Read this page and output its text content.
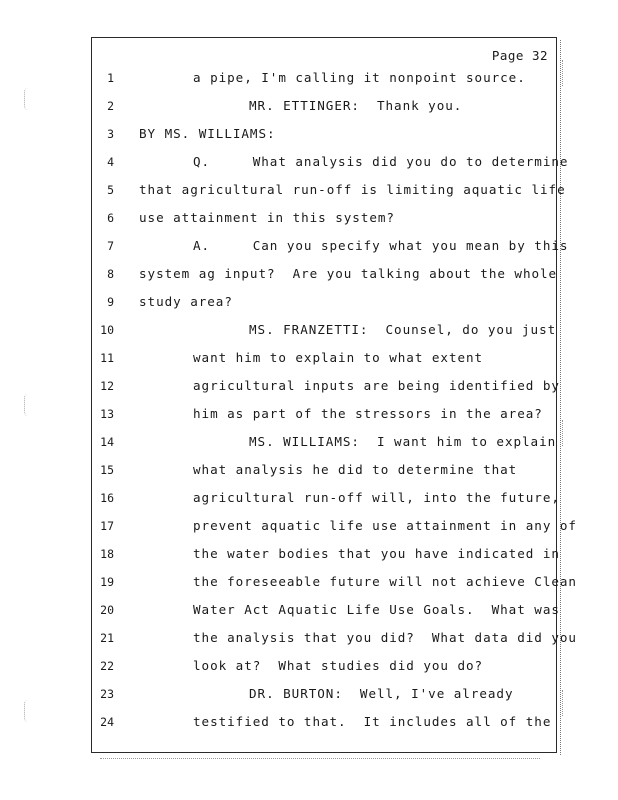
Page 32
1	a pipe, I'm calling it nonpoint source.
2	MR. ETTINGER:  Thank you.
3 BY MS. WILLIAMS:
4	Q.     What analysis did you do to determine
5 that agricultural run-off is limiting aquatic life
6 use attainment in this system?
7	A.     Can you specify what you mean by this
8 system ag input?  Are you talking about the whole
9 study area?
10	MS. FRANZETTI:  Counsel, do you just
11	want him to explain to what extent
12	agricultural inputs are being identified by
13	him as part of the stressors in the area?
14	MS. WILLIAMS:  I want him to explain
15	what analysis he did to determine that
16	agricultural run-off will, into the future,
17	prevent aquatic life use attainment in any of
18	the water bodies that you have indicated in
19	the foreseeable future will not achieve Clean
20	Water Act Aquatic Life Use Goals.  What was
21	the analysis that you did?  What data did you
22	look at?  What studies did you do?
23	DR. BURTON:  Well, I've already
24	testified to that.  It includes all of the
